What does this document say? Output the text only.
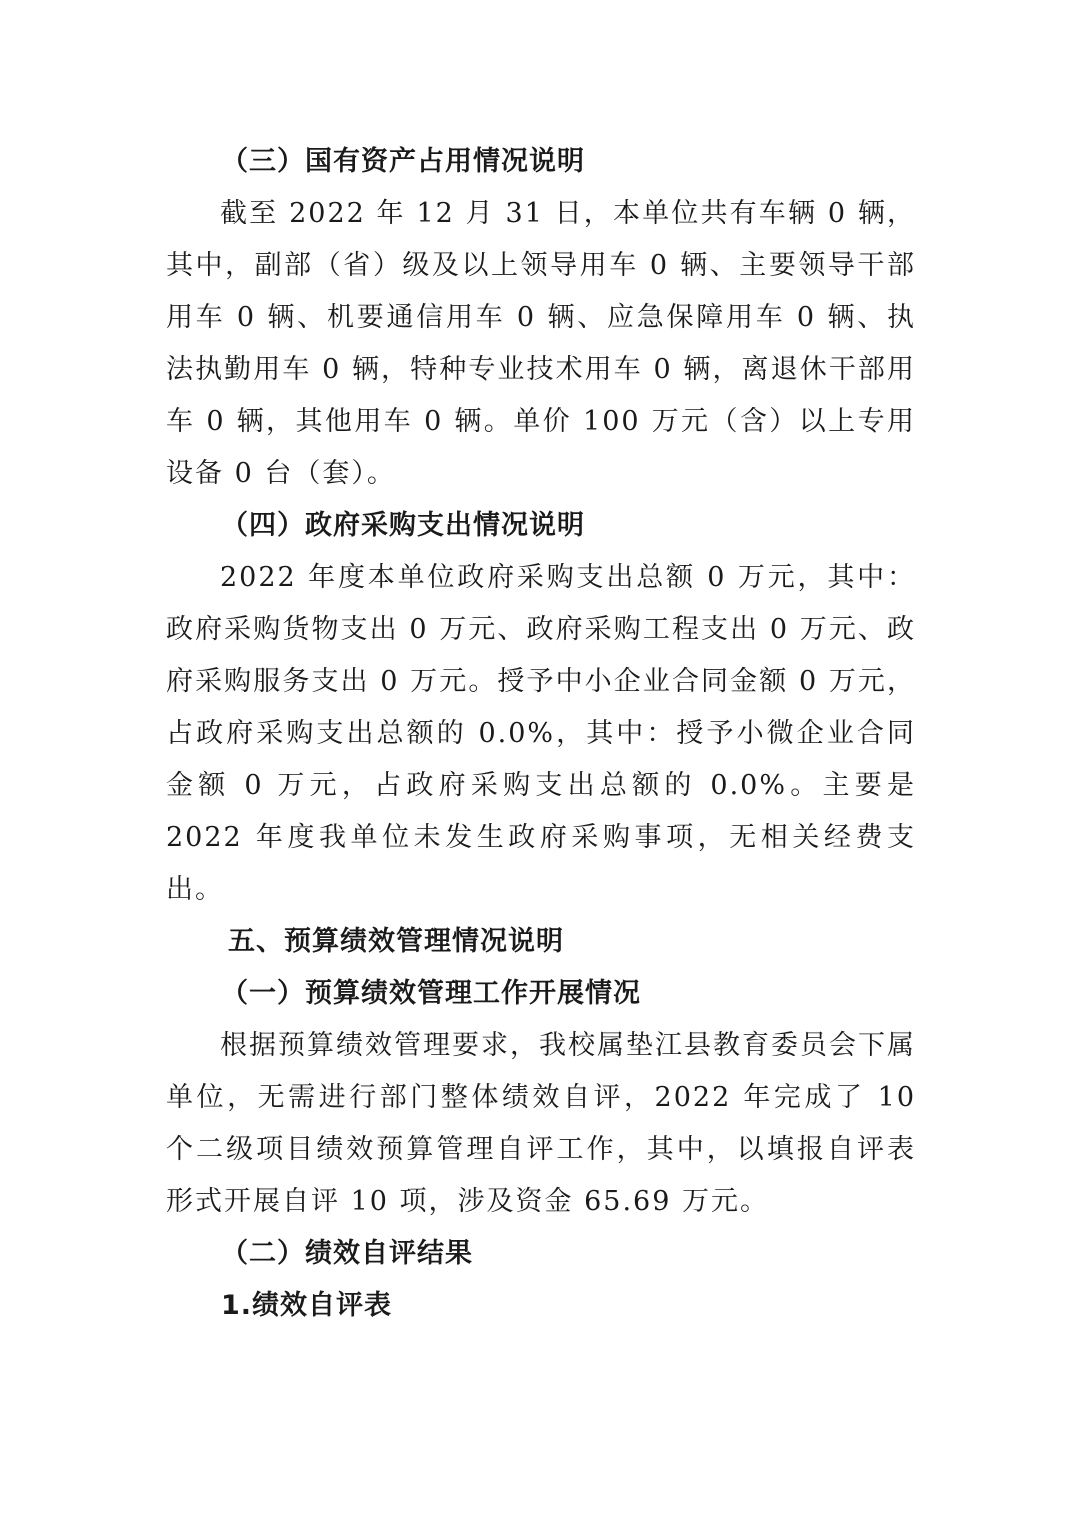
（三）国有资产占用情况说明

截至 2022 年 12 月 31 日，本单位共有车辆 0 辆，其中，副部（省）级及以上领导用车 0 辆、主要领导干部用车 0 辆、机要通信用车 0 辆、应急保障用车 0 辆、执法执勤用车 0 辆，特种专业技术用车 0 辆，离退休干部用车 0 辆，其他用车 0 辆。单价 100 万元（含）以上专用设备 0 台（套）。

（四）政府采购支出情况说明

2022 年度本单位政府采购支出总额 0 万元，其中：政府采购货物支出 0 万元、政府采购工程支出 0 万元、政府采购服务支出 0 万元。授予中小企业合同金额 0 万元，占政府采购支出总额的 0.0%，其中：授予小微企业合同金额 0 万元，占政府采购支出总额的 0.0%。主要是 2022 年度我单位未发生政府采购事项，无相关经费支出。

五、预算绩效管理情况说明

（一）预算绩效管理工作开展情况

根据预算绩效管理要求，我校属垫江县教育委员会下属单位，无需进行部门整体绩效自评，2022 年完成了 10 个二级项目绩效预算管理自评工作，其中，以填报自评表形式开展自评 10 项，涉及资金 65.69 万元。

（二）绩效自评结果

1.绩效自评表
